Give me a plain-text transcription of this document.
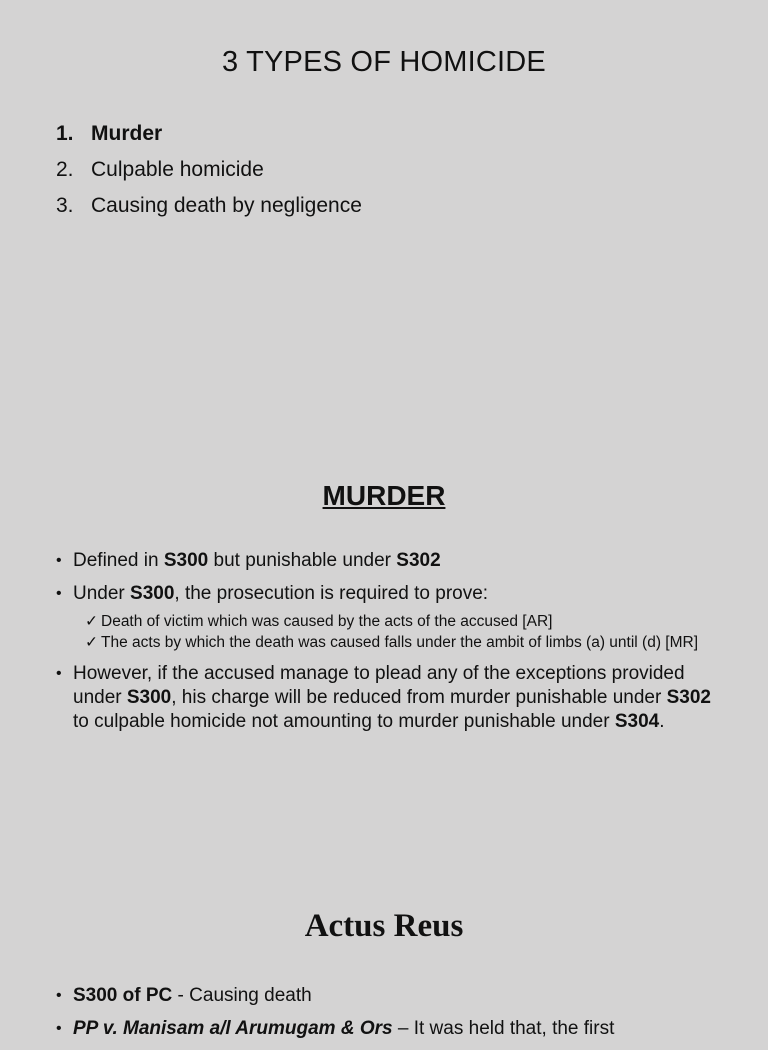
3 TYPES OF HOMICIDE
1. Murder
2. Culpable homicide
3. Causing death by negligence
MURDER
• Defined in S300 but punishable under S302
• Under S300, the prosecution is required to prove:
✓ Death of victim which was caused by the acts of the accused [AR]
✓ The acts by which the death was caused falls under the ambit of limbs (a) until (d) [MR]
• However, if the accused manage to plead any of the exceptions provided under S300, his charge will be reduced from murder punishable under S302 to culpable homicide not amounting to murder punishable under S304.
Actus Reus
• S300 of PC - Causing death
• PP v. Manisam a/l Arumugam & Ors – It was held that, the first
